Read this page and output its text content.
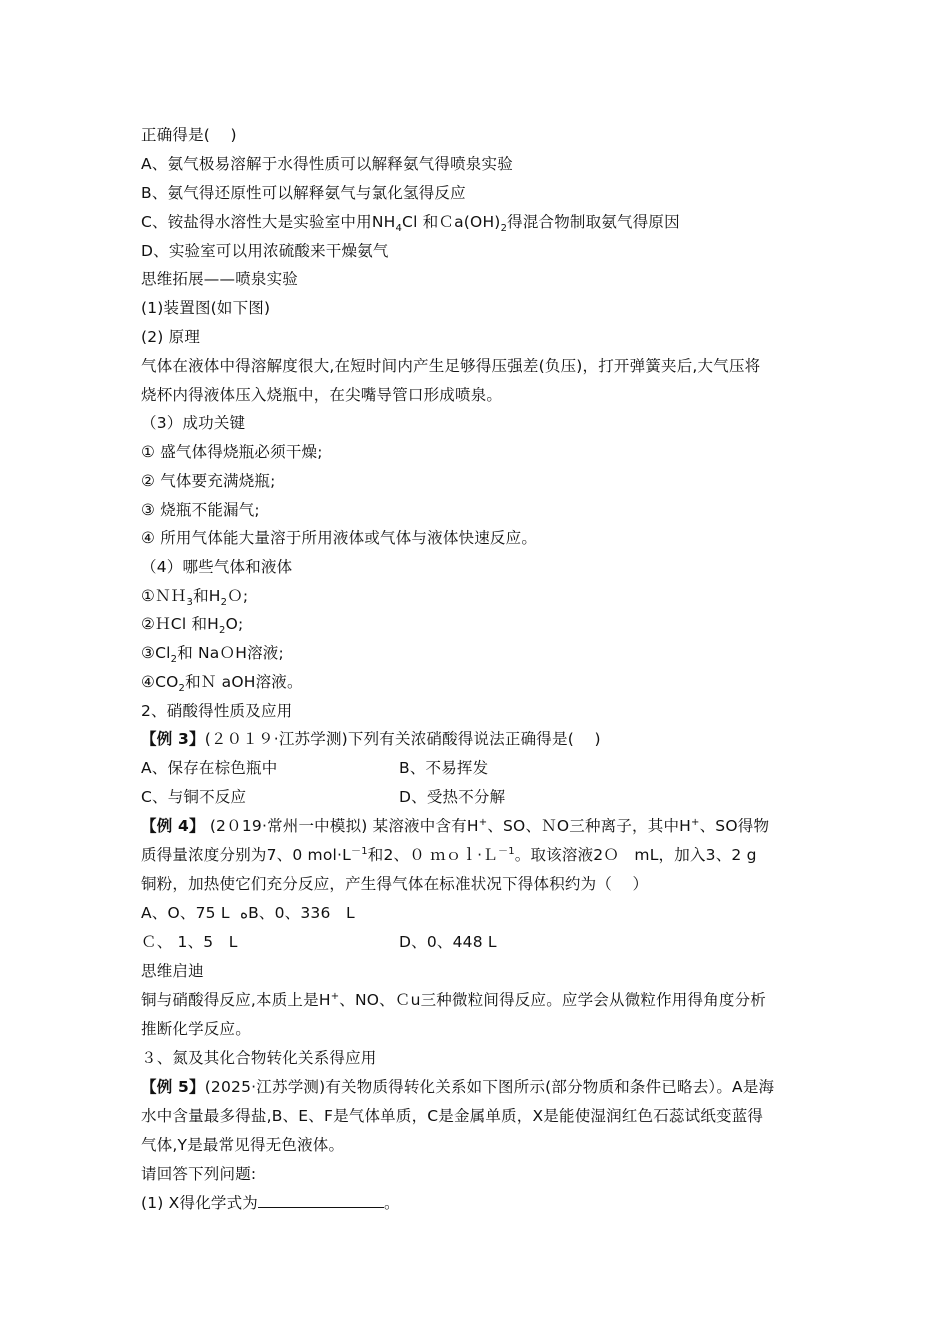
正确得是(    )
A、氨气极易溶解于水得性质可以解释氨气得喷泉实验
B、氨气得还原性可以解释氨气与氯化氢得反应
C、铵盐得水溶性大是实验室中用$NH_4Cl$ 和$Ca(OH)_2$得混合物制取氨气得原因
D、实验室可以用浓硫酸来干燥氨气
思维拓展——喷泉实验
(1)装置图(如下图)
(2) 原理
气体在液体中得溶解度很大,在短时间内产生足够得压强差(负压)，打开弹簧夹后,大气压将
烧杯内得液体压入烧瓶中，在尖嘴导管口形成喷泉。
（3）成功关键
① 盛气体得烧瓶必须干燥;
② 气体要充满烧瓶;
③ 烧瓶不能漏气;
④ 所用气体能大量溶于所用液体或气体与液体快速反应。
（4）哪些气体和液体
①ＮＨ$_3$和$H_2O$;
②ＨCl 和$H_2O$;
$③Cl_2$和 NaＯH溶液;
$④CO_2$和Ｎ aOH溶液。
2、硝酸得性质及应用
【例 3】(２０１９·江苏学测)下列有关浓硝酸得说法正确得是(    )
A、保存在棕色瓶中	B、不易挥发
C、与铜不反应	D、受热不分解
【例 4】 (2０19·常州一中模拟) 某溶液中含有H+、SO、ＮO三种离子，其中H+、SO得物
质得量浓度分别为7、0 $mol\cdot L^{-1}$和2、０ ｍｏｌ·Ｌ$^{-1}$。取该溶液2Ｏ   mL，加入3、2 g
铜粉，加热使它们充分反应，产生得气体在标准状况下得体积约为（    ）
A、O、75 L  ﻩB、0、336   L
Ｃ、 1、5   L	D、0、448 L
思维启迪
铜与硝酸得反应,本质上是H+、NO、Ｃu三种微粒间得反应。应学会从微粒作用得角度分析
推断化学反应。
３、氮及其化合物转化关系得应用
【例 5】(2025·江苏学测)有关物质得转化关系如下图所示(部分物质和条件已略去）。A是海
水中含量最多得盐,B、E、F是气体单质，C是金属单质，X是能使湿润红色石蕊试纸变蓝得
气体,Y是最常见得无色液体。
请回答下列问题:
(1) X得化学式为	。
